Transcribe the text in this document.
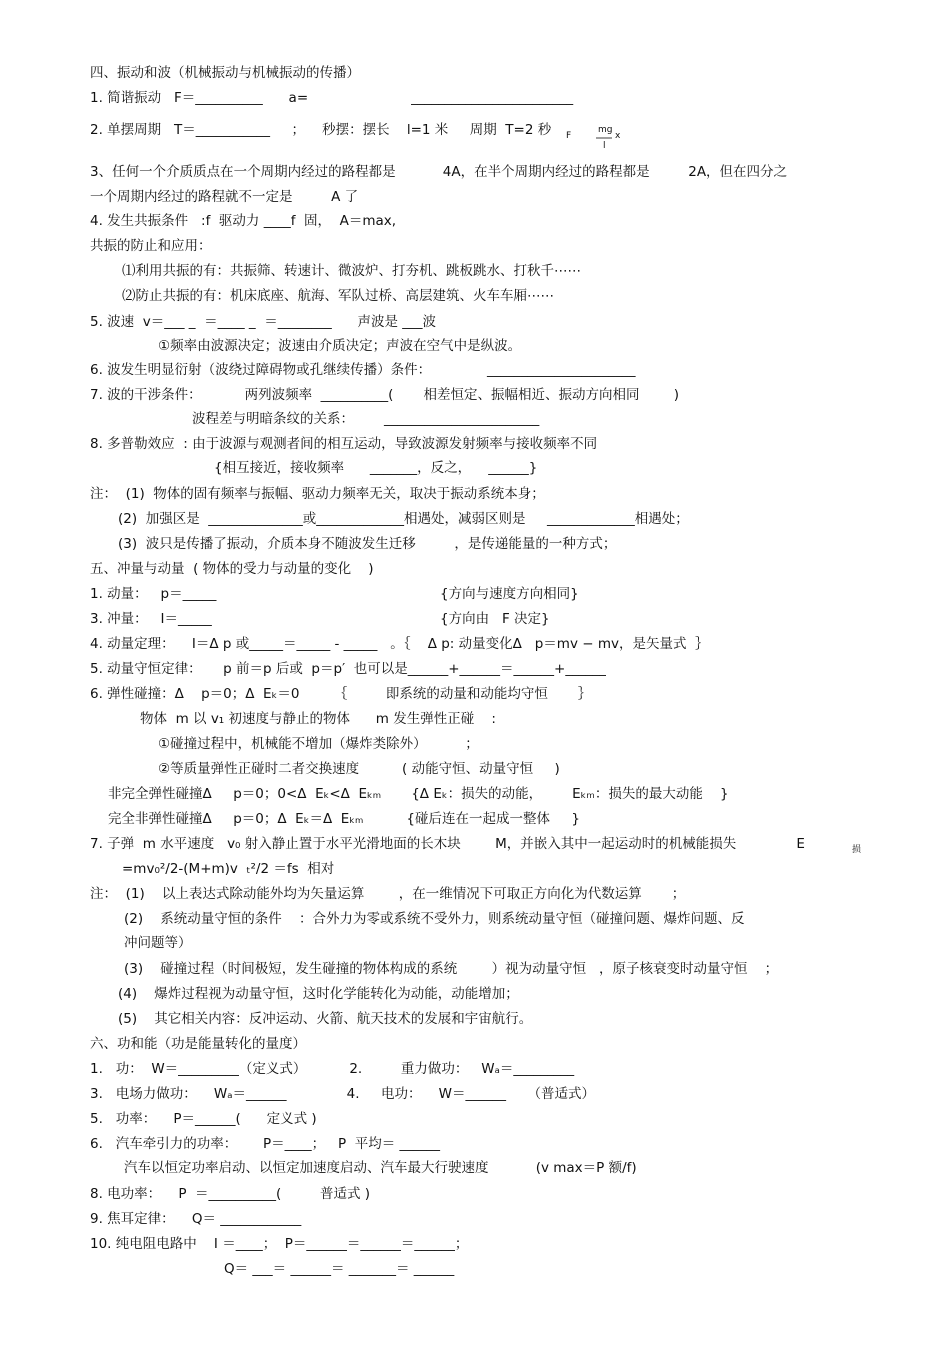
四、振动和波（机械振动与机械振动的传播）
1. 简谐振动   F＝__________      a=                        ________________________
2. 单摆周期   T＝___________     ；    秒摆：摆长    l=1 米     周期  T=2 秒 F
mg
l
x
3、任何一个介质质点在一个周期内经过的路程都是           4A，在半个周期内经过的路程都是         2A，但在四分之
一个周期内经过的路程就不一定是         A 了
4. 发生共振条件   :f  驱动力 ____f  固，  A＝max,
共振的防止和应用：
⑴利用共振的有：共振筛、转速计、微波炉、打夯机、跳板跳水、打秋千⋯⋯
⑵防止共振的有：机床底座、航海、军队过桥、高层建筑、火车车厢⋯⋯
5. 波速  v＝___ _  ＝____ _  ＝________      声波是 ___波
①频率由波源决定；波速由介质决定；声波在空气中是纵波。
6. 波发生明显衍射（波绕过障碍物或孔继续传播）条件：             ______________________
7. 波的干涉条件：          两列波频率  __________(       相差恒定、振幅相近、振动方向相同        )
波程差与明暗条纹的关系：       _______________________
8. 多普勒效应  : 由于波源与观测者间的相互运动，导致波源发射频率与接收频率不同
{相互接近，接收频率      _______，反之，    ______}
注：  (1)  物体的固有频率与振幅、驱动力频率无关，取决于振动系统本身；
(2)  加强区是  ______________或_____________相遇处，减弱区则是     _____________相遇处；
(3)  波只是传播了振动，介质本身不随波发生迁移         ，是传递能量的一种方式；
五、冲量与动量  ( 物体的受力与动量的变化    )
1. 动量：   p＝_____	{方向与速度方向相同}
3. 冲量：   I＝_____	{方向由   F 决定}
4. 动量定理：    I＝Δ p 或_____＝_____ - _____   。｛    Δ p: 动量变化Δ   p＝mv − mv，是矢量式  ｝
5. 动量守恒定律：     p 前＝p 后或  p＝p′  也可以是______+______＝______+______
6. 弹性碰撞：Δ    p＝0；Δ  Eₖ＝0        ｛         即系统的动量和动能均守恒       ｝
物体  m 以 v₁ 初速度与静止的物体      m 发生弹性正碰    :
①碰撞过程中，机械能不增加（爆炸类除外）         ；
②等质量弹性正碰时二者交换速度          ( 动能守恒、动量守恒     )
非完全弹性碰撞Δ     p＝0；0<Δ  Eₖ<Δ  Eₖₘ       {Δ Eₖ：损失的动能，       Eₖₘ：损失的最大动能    }
完全非弹性碰撞Δ     p＝0；Δ  Eₖ＝Δ  Eₖₘ          {碰后连在一起成一整体     }
7. 子弹  m 水平速度   v₀ 射入静止置于水平光滑地面的长木块        M，并嵌入其中一起运动时的机械能损失              E	损
=mv₀²/2-(M+m)v  ₜ²/2 ＝fs  相对
注：  (1)    以上表达式除动能外均为矢量运算        ，在一维情况下可取正方向化为代数运算       ；
(2)    系统动量守恒的条件    ：合外力为零或系统不受外力，则系统动量守恒（碰撞问题、爆炸问题、反
冲问题等）
(3)    碰撞过程（时间极短，发生碰撞的物体构成的系统        ）视为动量守恒   ，原子核衰变时动量守恒    ；
(4)    爆炸过程视为动量守恒，这时化学能转化为动能，动能增加；
(5)    其它相关内容：反冲运动、火箭、航天技术的发展和宇宙航行。
六、功和能（功是能量转化的量度）
1.   功：  W＝_________（定义式）          2.         重力做功：   Wₐ＝_________
3.   电场力做功：    Wₐ＝______              4.     电功：    W＝______     （普适式）
5.   功率：    P＝______(      定义式 )
6.   汽车牵引力的功率：      P＝____；   P  平均＝ ______
汽车以恒定功率启动、以恒定加速度启动、汽车最大行驶速度           (v max＝P 额/f)
8. 电功率：    P  ＝__________(         普适式 )
9. 焦耳定律：    Q＝ ____________
10. 纯电阻电路中    I ＝____；  P＝______＝______＝______；
Q＝ ___＝ ______＝ _______＝ ______
